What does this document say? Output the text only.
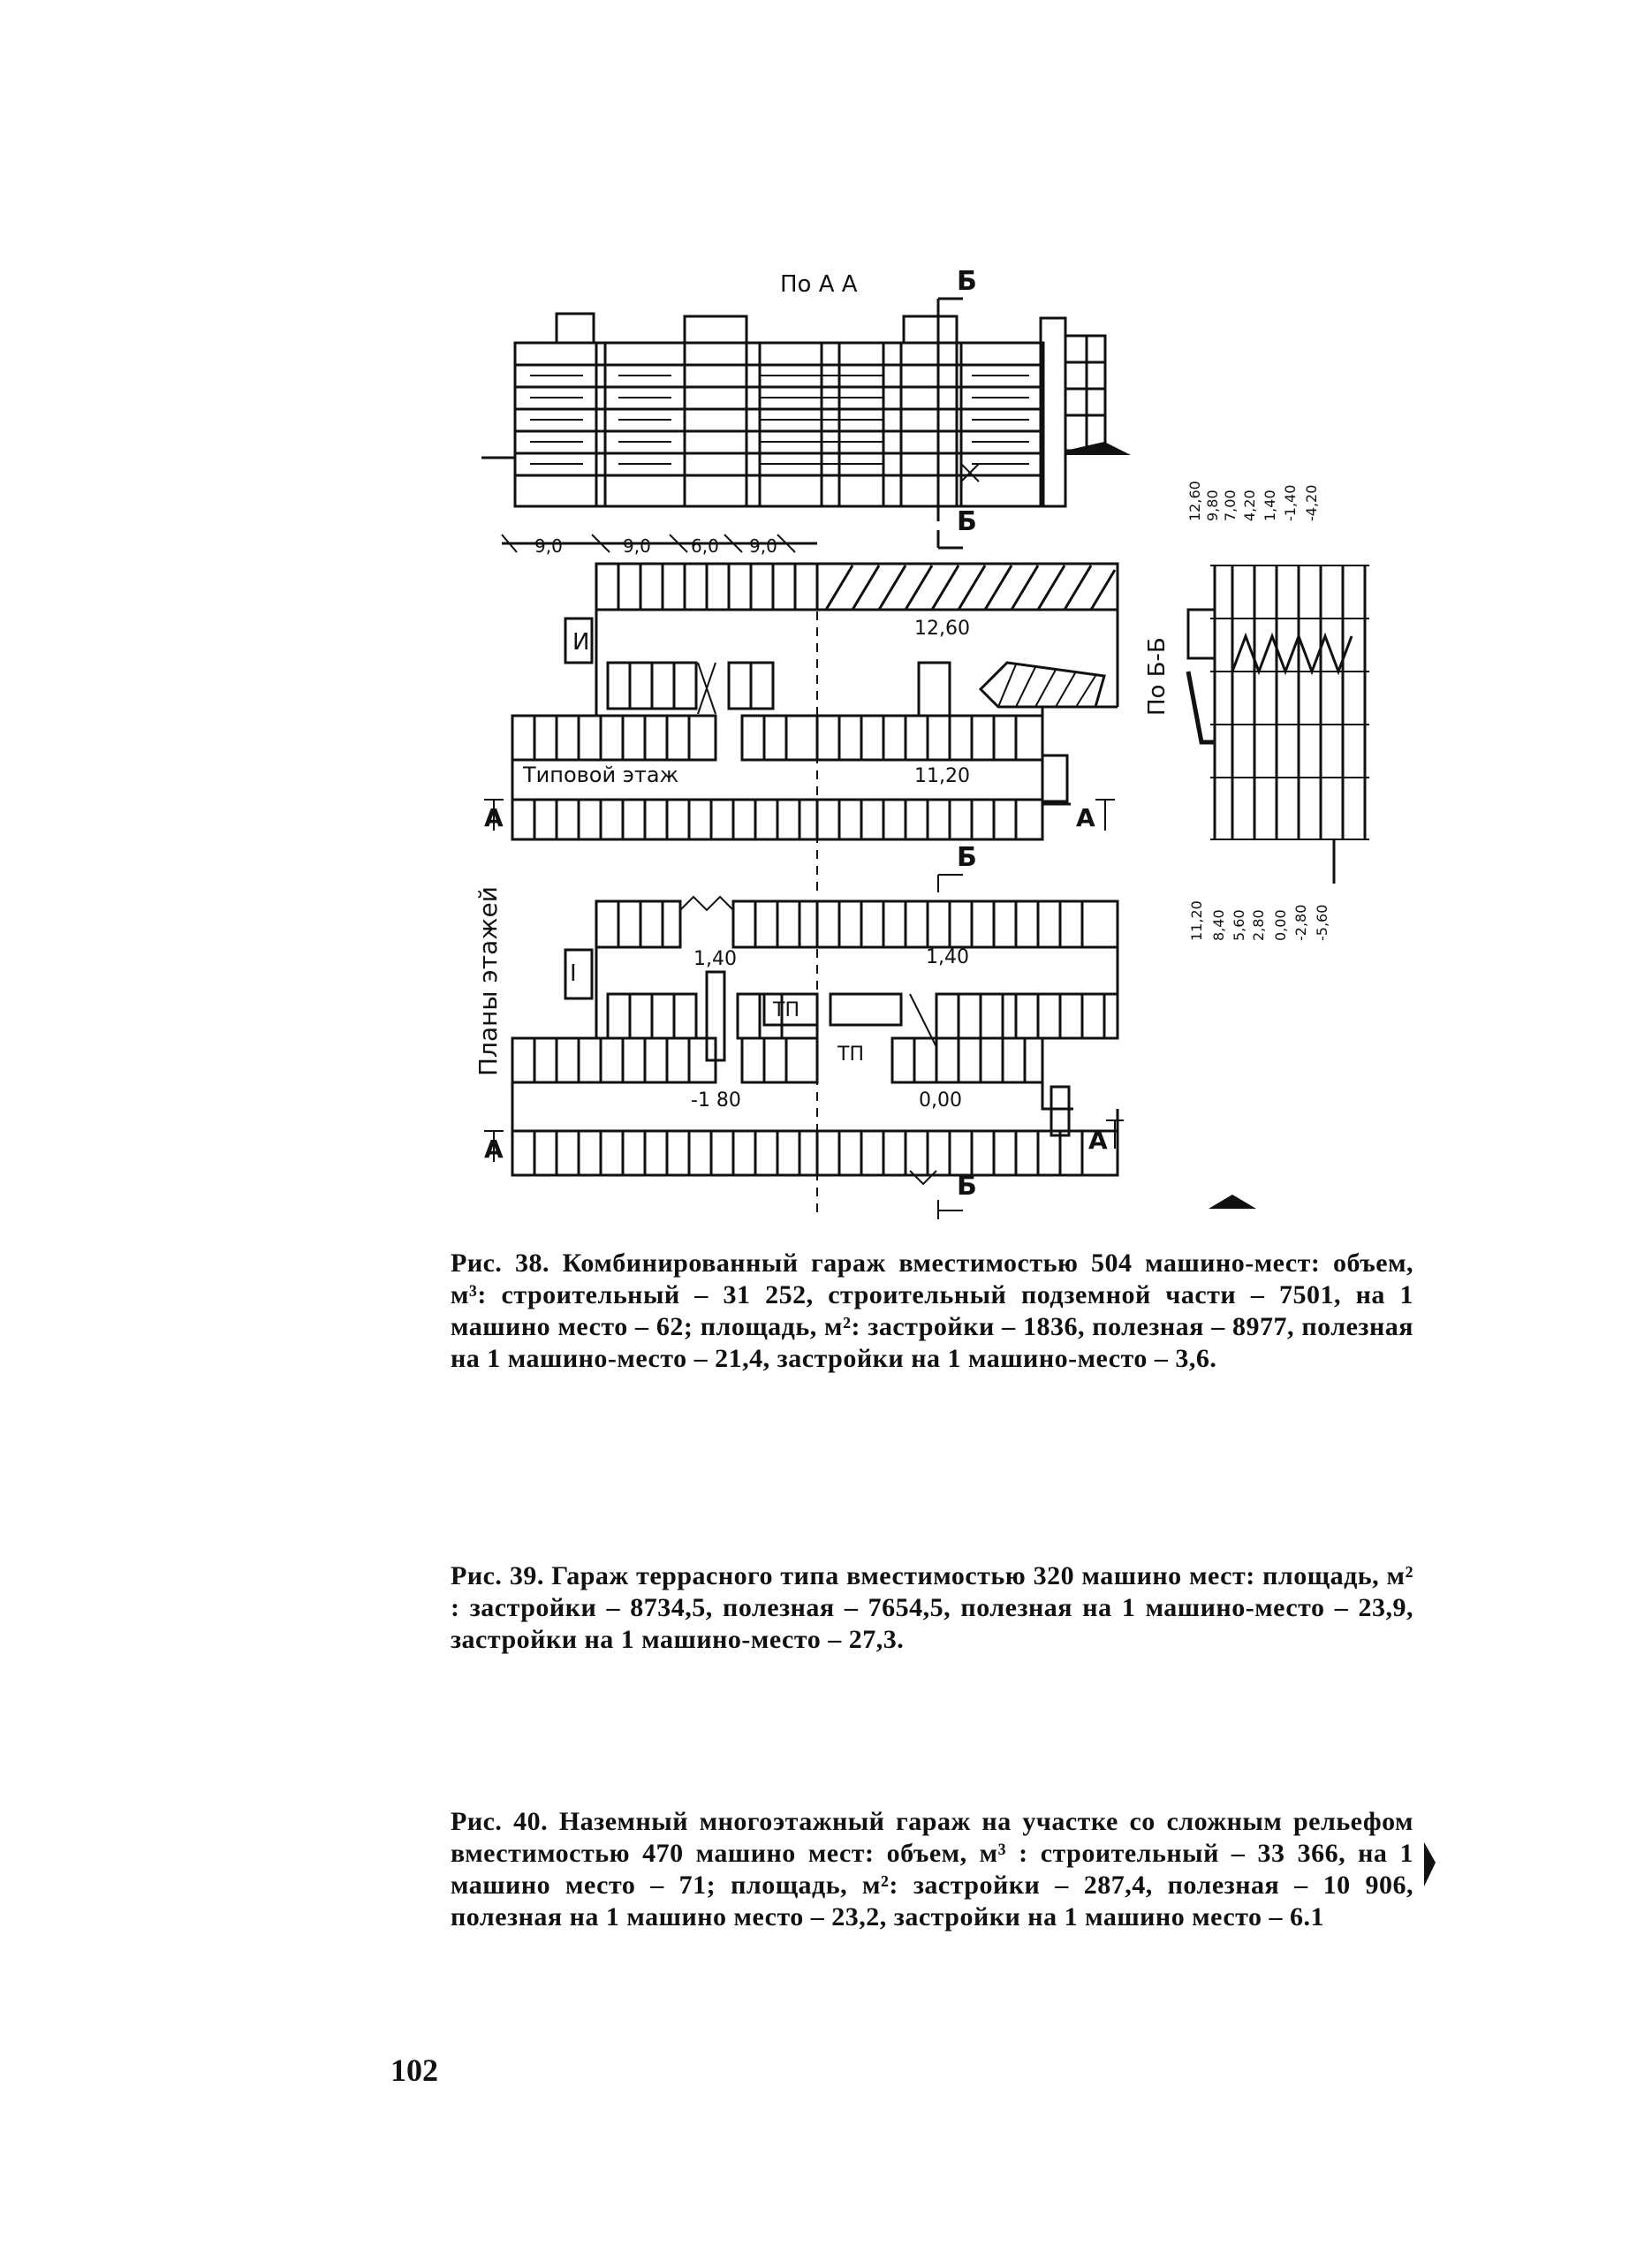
По А А	Б
Б
9,0	9,0 6,0 9,0
12,60
11,20
Типовой этаж
И
А	А
Б
1,40	1,40
-1 80	0,00
I
ТП
ТП
А	А
Б
Планы этажей
По Б-Б
12,60 9,80 7,00 4,20 1,40 -1,40 -4,20
11,20 8,40 5,60 2,80 0,00 -2,80 -5,60

Рис. 38. Комбинированный гараж вместимостью 504 машино-мест: объем, м³: строительный – 31 252, строительный подземной части – 7501, на 1 машино место – 62; площадь, м²: застройки – 1836, полезная – 8977, полезная на 1 машино-место – 21,4, застройки на 1 машино-место – 3,6.

Рис. 39. Гараж террасного типа вместимостью 320 машино мест: площадь, м² : застройки – 8734,5, полезная – 7654,5, полезная на 1 машино-место – 23,9, застройки на 1 машино-место – 27,3.

Рис. 40. Наземный многоэтажный гараж на участке со сложным рельефом вместимостью 470 машино мест: объем, м³ : строительный – 33 366, на 1 машино место – 71; площадь, м²: застройки – 287,4, полезная – 10 906, полезная на 1 машино место – 23,2, застройки на 1 машино место – 6.1

102
